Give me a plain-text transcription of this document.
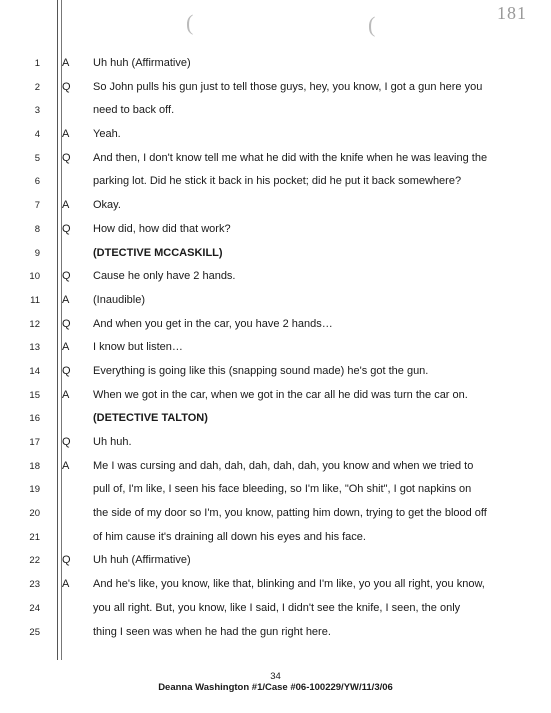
(	(	181
1 A	Uh huh (Affirmative)
2 Q	So John pulls his gun just to tell those guys, hey, you know, I got a gun here you
3	need to back off.
4 A	Yeah.
5 Q	And then, I don't know tell me what he did with the knife when he was leaving the
6	parking lot. Did he stick it back in his pocket; did he put it back somewhere?
7 A	Okay.
8 Q	How did, how did that work?
9	(DTECTIVE MCCASKILL)
10 Q	Cause he only have 2 hands.
11 A	(Inaudible)
12 Q	And when you get in the car, you have 2 hands…
13 A	I know but listen…
14 Q	Everything is going like this (snapping sound made) he's got the gun.
15 A	When we got in the car, when we got in the car all he did was turn the car on.
16	(DETECTIVE TALTON)
17 Q	Uh huh.
18 A	Me I was cursing and dah, dah, dah, dah, dah, you know and when we tried to
19	pull of, I'm like, I seen his face bleeding, so I'm like, "Oh shit", I got napkins on
20	the side of my door so I'm, you know, patting him down, trying to get the blood off
21	of him cause it's draining all down his eyes and his face.
22 Q	Uh huh (Affirmative)
23 A	And he's like, you know, like that, blinking and I'm like, yo you all right, you know,
24	you all right. But, you know, like I said, I didn't see the knife, I seen, the only
25	thing I seen was when he had the gun right here.
34
Deanna Washington #1/Case #06-100229/YW/11/3/06
